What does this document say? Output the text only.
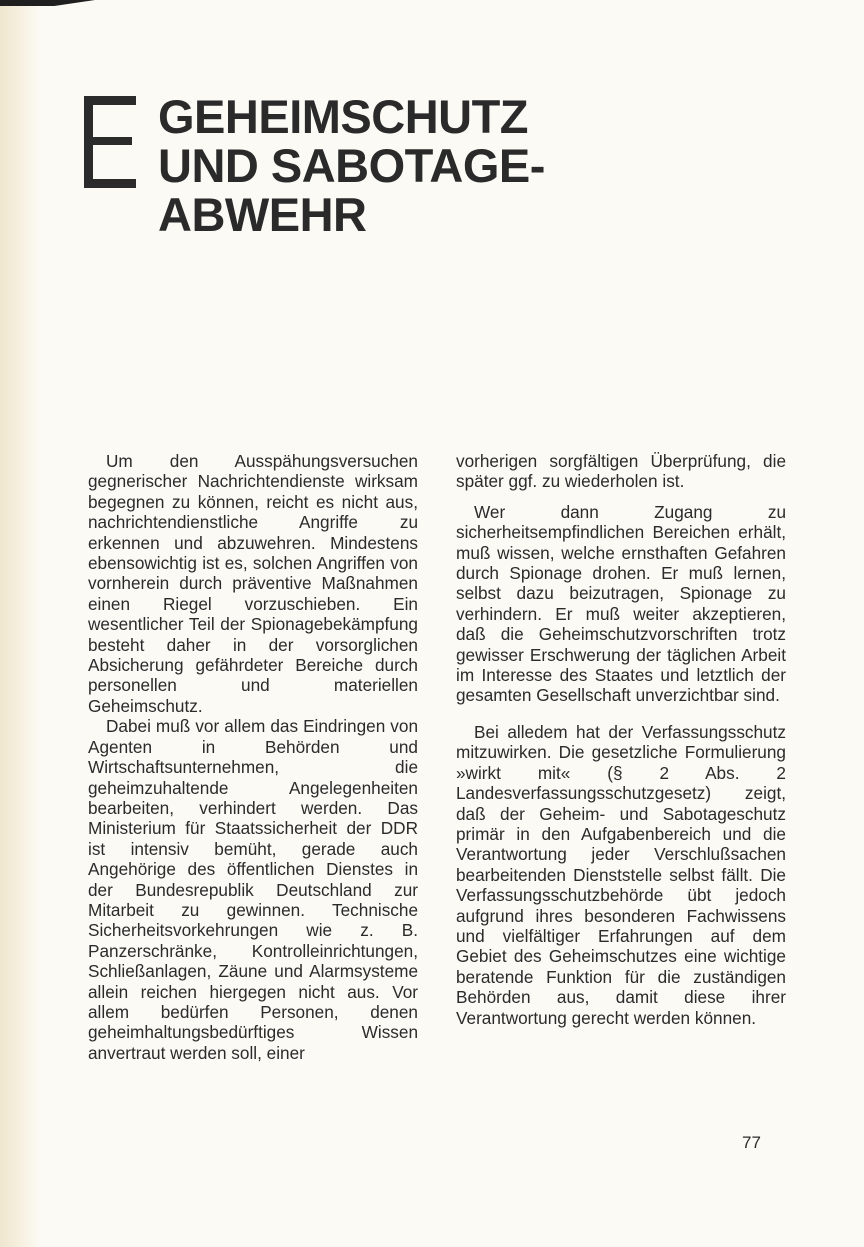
GEHEIMSCHUTZ
UND SABOTAGE-
ABWEHR

Um den Ausspähungsversuchen gegnerischer Nachrichtendienste wirksam begegnen zu können, reicht es nicht aus, nachrichtendienstliche Angriffe zu erkennen und abzuwehren. Mindestens ebensowichtig ist es, solchen Angriffen von vornherein durch präventive Maßnahmen einen Riegel vorzuschieben. Ein wesentlicher Teil der Spionagebekämpfung besteht daher in der vorsorglichen Absicherung gefährdeter Bereiche durch personellen und materiellen Geheimschutz.

Dabei muß vor allem das Eindringen von Agenten in Behörden und Wirtschaftsunternehmen, die geheimzuhaltende Angelegenheiten bearbeiten, verhindert werden. Das Ministerium für Staatssicherheit der DDR ist intensiv bemüht, gerade auch Angehörige des öffentlichen Dienstes in der Bundesrepublik Deutschland zur Mitarbeit zu gewinnen. Technische Sicherheitsvorkehrungen wie z. B. Panzerschränke, Kontrolleinrichtungen, Schließanlagen, Zäune und Alarmsysteme allein reichen hiergegen nicht aus. Vor allem bedürfen Personen, denen geheimhaltungsbedürftiges Wissen anvertraut werden soll, einer

vorherigen sorgfältigen Überprüfung, die später ggf. zu wiederholen ist.

Wer dann Zugang zu sicherheitsempfindlichen Bereichen erhält, muß wissen, welche ernsthaften Gefahren durch Spionage drohen. Er muß lernen, selbst dazu beizutragen, Spionage zu verhindern. Er muß weiter akzeptieren, daß die Geheimschutzvorschriften trotz gewisser Erschwerung der täglichen Arbeit im Interesse des Staates und letztlich der gesamten Gesellschaft unverzichtbar sind.

Bei alledem hat der Verfassungsschutz mitzuwirken. Die gesetzliche Formulierung »wirkt mit« (§ 2 Abs. 2 Landesverfassungsschutzgesetz) zeigt, daß der Geheim- und Sabotageschutz primär in den Aufgabenbereich und die Verantwortung jeder Verschlußsachen bearbeitenden Dienststelle selbst fällt. Die Verfassungsschutzbehörde übt jedoch aufgrund ihres besonderen Fachwissens und vielfältiger Erfahrungen auf dem Gebiet des Geheimschutzes eine wichtige beratende Funktion für die zuständigen Behörden aus, damit diese ihrer Verantwortung gerecht werden können.

77
